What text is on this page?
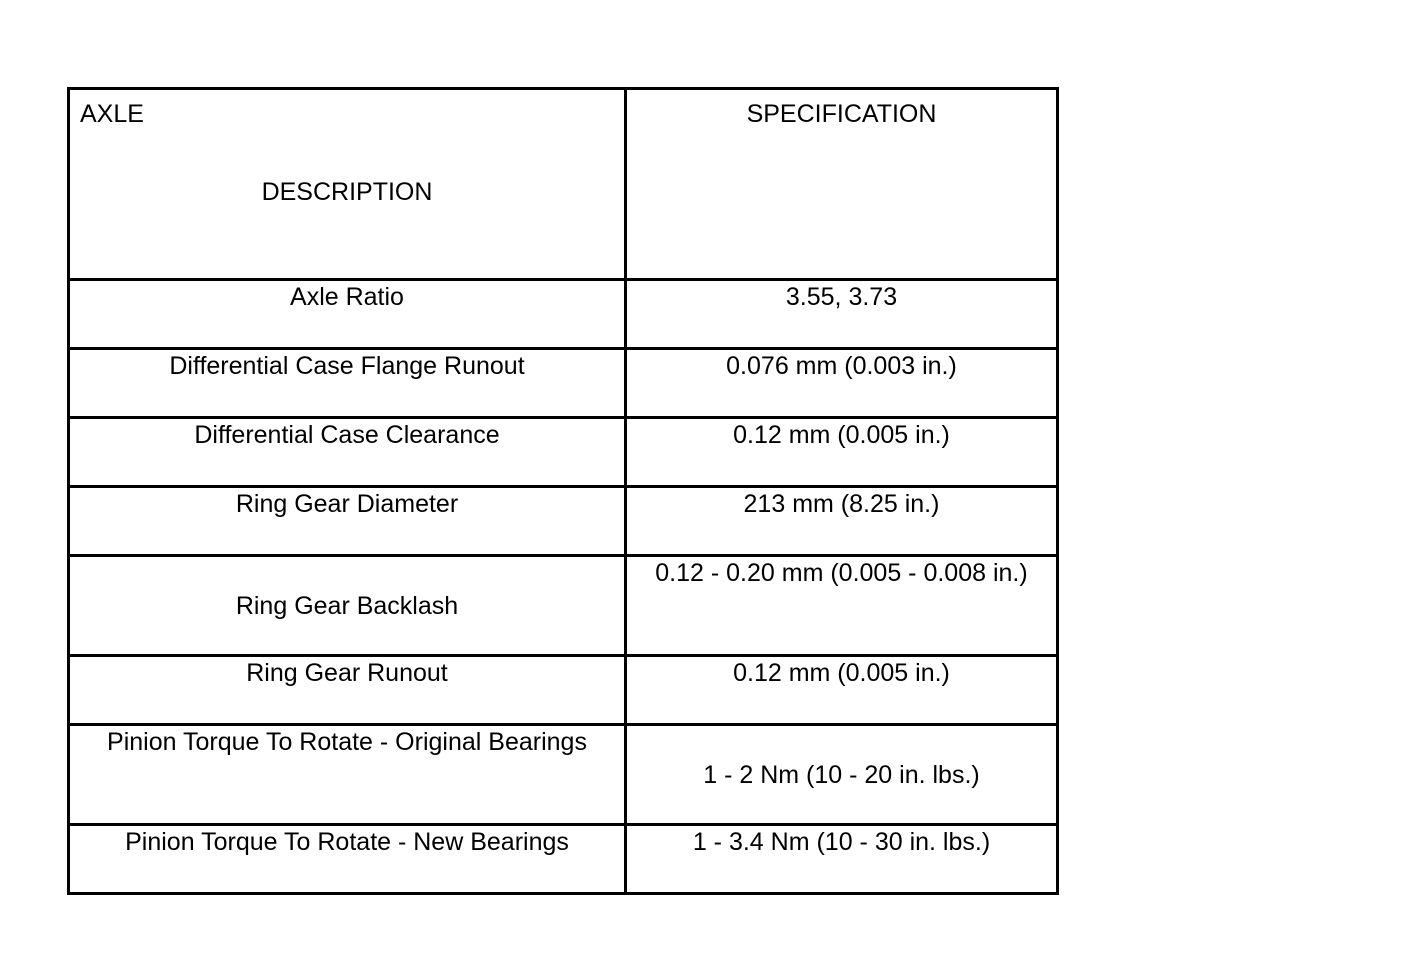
AXLE
DESCRIPTION	SPECIFICATION

Axle Ratio	3.55, 3.73
Differential Case Flange Runout	0.076 mm (0.003 in.)
Differential Case Clearance	0.12 mm (0.005 in.)
Ring Gear Diameter	213 mm (8.25 in.)
Ring Gear Backlash	0.12 - 0.20 mm (0.005 - 0.008 in.)
Ring Gear Runout	0.12 mm (0.005 in.)
Pinion Torque To Rotate - Original Bearings	1 - 2 Nm (10 - 20 in. lbs.)
Pinion Torque To Rotate - New Bearings	1 - 3.4 Nm (10 - 30 in. lbs.)
